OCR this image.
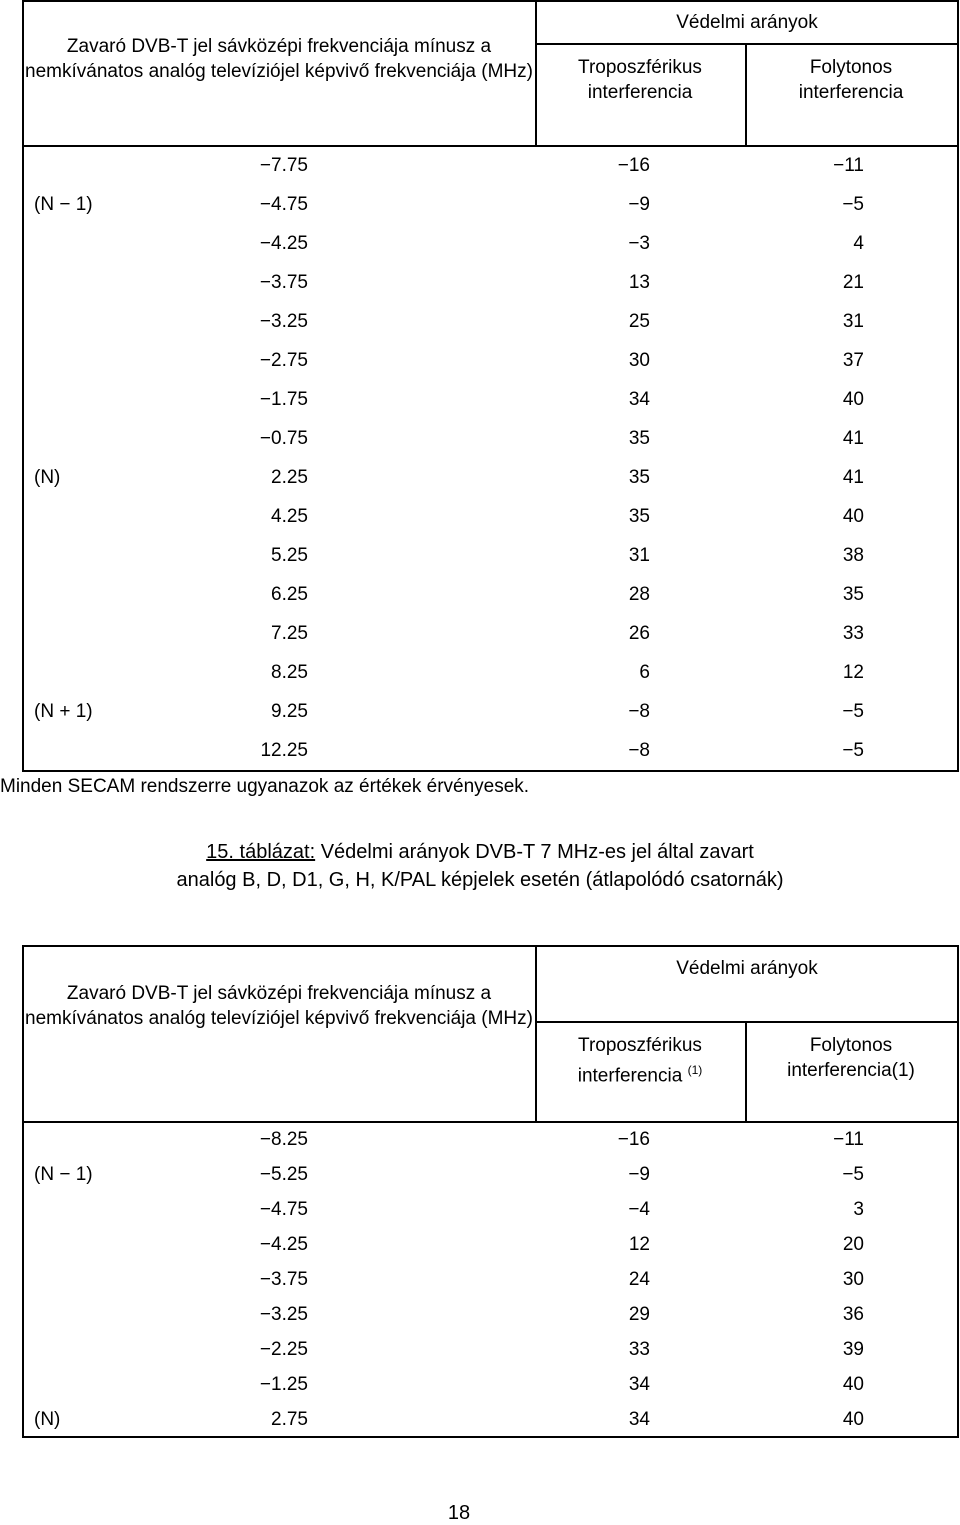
Zavaró DVB-T jel sávközépi frekvenciája mínusz a nemkívánatos analóg televíziójel képvivő frekvenciája (MHz)
Védelmi arányok
Troposzférikus interferencia
Folytonos interferencia
−7.75	−16	−11
(N − 1)	−4.75	−9	−5
−4.25	−3	4
−3.75	13	21
−3.25	25	31
−2.75	30	37
−1.75	34	40
−0.75	35	41
(N)	2.25	35	41
4.25	35	40
5.25	31	38
6.25	28	35
7.25	26	33
8.25	6	12
(N + 1)	9.25	−8	−5
12.25	−8	−5
Minden SECAM rendszerre ugyanazok az értékek érvényesek.
15. táblázat: Védelmi arányok DVB-T 7 MHz-es jel által zavart
analóg B, D, D1, G, H, K/PAL képjelek esetén (átlapolódó csatornák)
Zavaró DVB-T jel sávközépi frekvenciája mínusz a nemkívánatos analóg televíziójel képvivő frekvenciája (MHz)
Védelmi arányok
Troposzférikus
interferencia $^{(1)}$
Folytonos
interferencia(1)
−8.25	−16	−11
(N − 1)	−5.25	−9	−5
−4.75	−4	3
−4.25	12	20
−3.75	24	30
−3.25	29	36
−2.25	33	39
−1.25	34	40
(N)	2.75	34	40
18
